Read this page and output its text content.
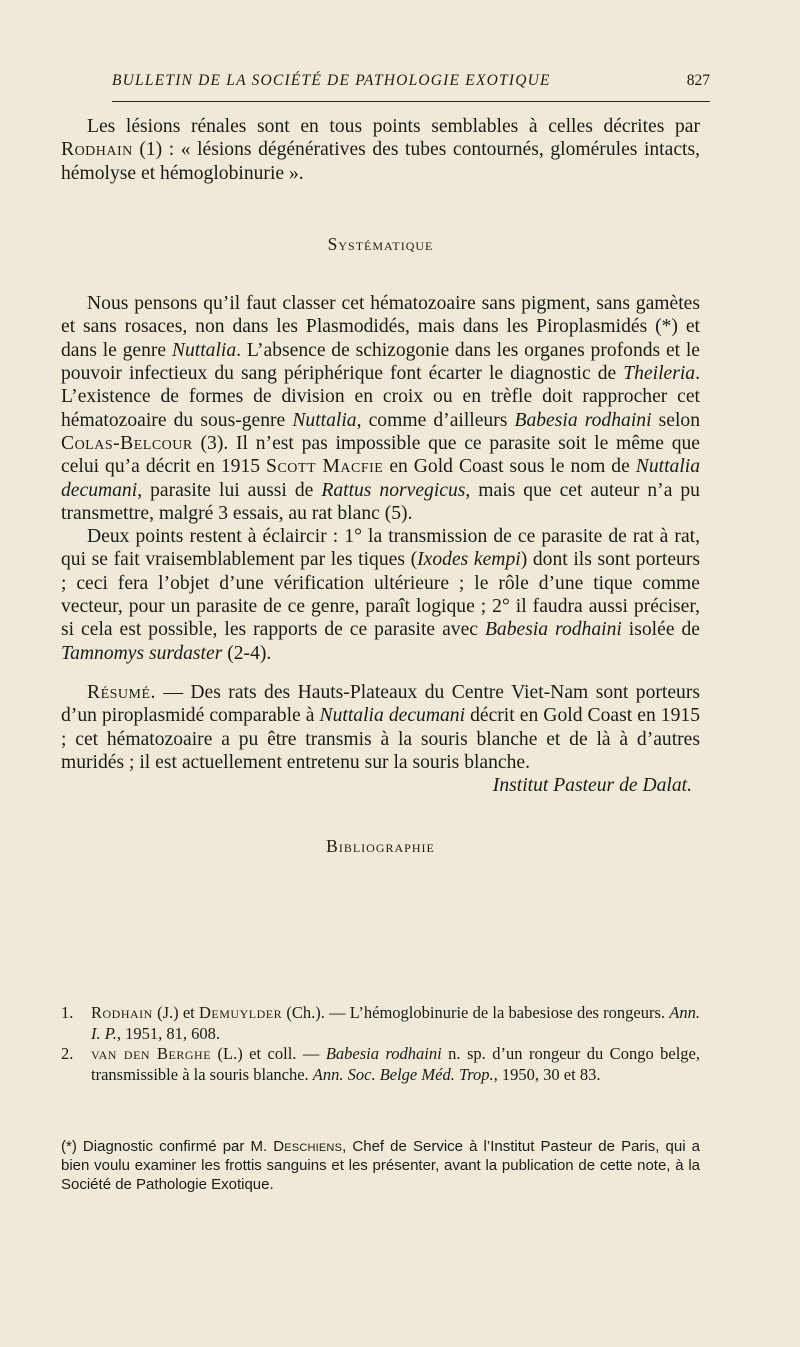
BULLETIN DE LA SOCIÉTÉ DE PATHOLOGIE EXOTIQUE	827

Les lésions rénales sont en tous points semblables à celles décrites par Rodhain (1) : « lésions dégénératives des tubes contournés, glomérules intacts, hémolyse et hémoglobinurie ».

Systématique

Nous pensons qu’il faut classer cet hématozoaire sans pigment, sans gamètes et sans rosaces, non dans les Plasmodidés, mais dans les Piroplasmidés (*) et dans le genre Nuttalia. L’absence de schizogonie dans les organes profonds et le pouvoir infectieux du sang périphérique font écarter le diagnostic de Theileria. L’existence de formes de division en croix ou en trèfle doit rapprocher cet hématozoaire du sous-genre Nuttalia, comme d’ailleurs Babesia rodhaini selon Colas-Belcour (3). Il n’est pas impossible que ce parasite soit le même que celui qu’a décrit en 1915 Scott Macfie en Gold Coast sous le nom de Nuttalia decumani, parasite lui aussi de Rattus norvegicus, mais que cet auteur n’a pu transmettre, malgré 3 essais, au rat blanc (5).

Deux points restent à éclaircir : 1° la transmission de ce parasite de rat à rat, qui se fait vraisemblablement par les tiques (Ixodes kempi) dont ils sont porteurs ; ceci fera l’objet d’une vérification ultérieure ; le rôle d’une tique comme vecteur, pour un parasite de ce genre, paraît logique ; 2° il faudra aussi préciser, si cela est possible, les rapports de ce parasite avec Babesia rodhaini isolée de Tamnomys surdaster (2-4).

Résumé. — Des rats des Hauts-Plateaux du Centre Viet-Nam sont porteurs d’un piroplasmidé comparable à Nuttalia decumani décrit en Gold Coast en 1915 ; cet hématozoaire a pu être transmis à la souris blanche et de là à d’autres muridés ; il est actuellement entretenu sur la souris blanche.

Institut Pasteur de Dalat.

Bibliographie

1. Rodhain (J.) et Demuylder (Ch.). — L’hémoglobinurie de la babesiose des rongeurs. Ann. I. P., 1951, 81, 608.

2. van den Berghe (L.) et coll. — Babesia rodhaini n. sp. d’un rongeur du Congo belge, transmissible à la souris blanche. Ann. Soc. Belge Méd. Trop., 1950, 30 et 83.

(*) Diagnostic confirmé par M. Deschiens, Chef de Service à l’Institut Pasteur de Paris, qui a bien voulu examiner les frottis sanguins et les présenter, avant la publication de cette note, à la Société de Pathologie Exotique.
